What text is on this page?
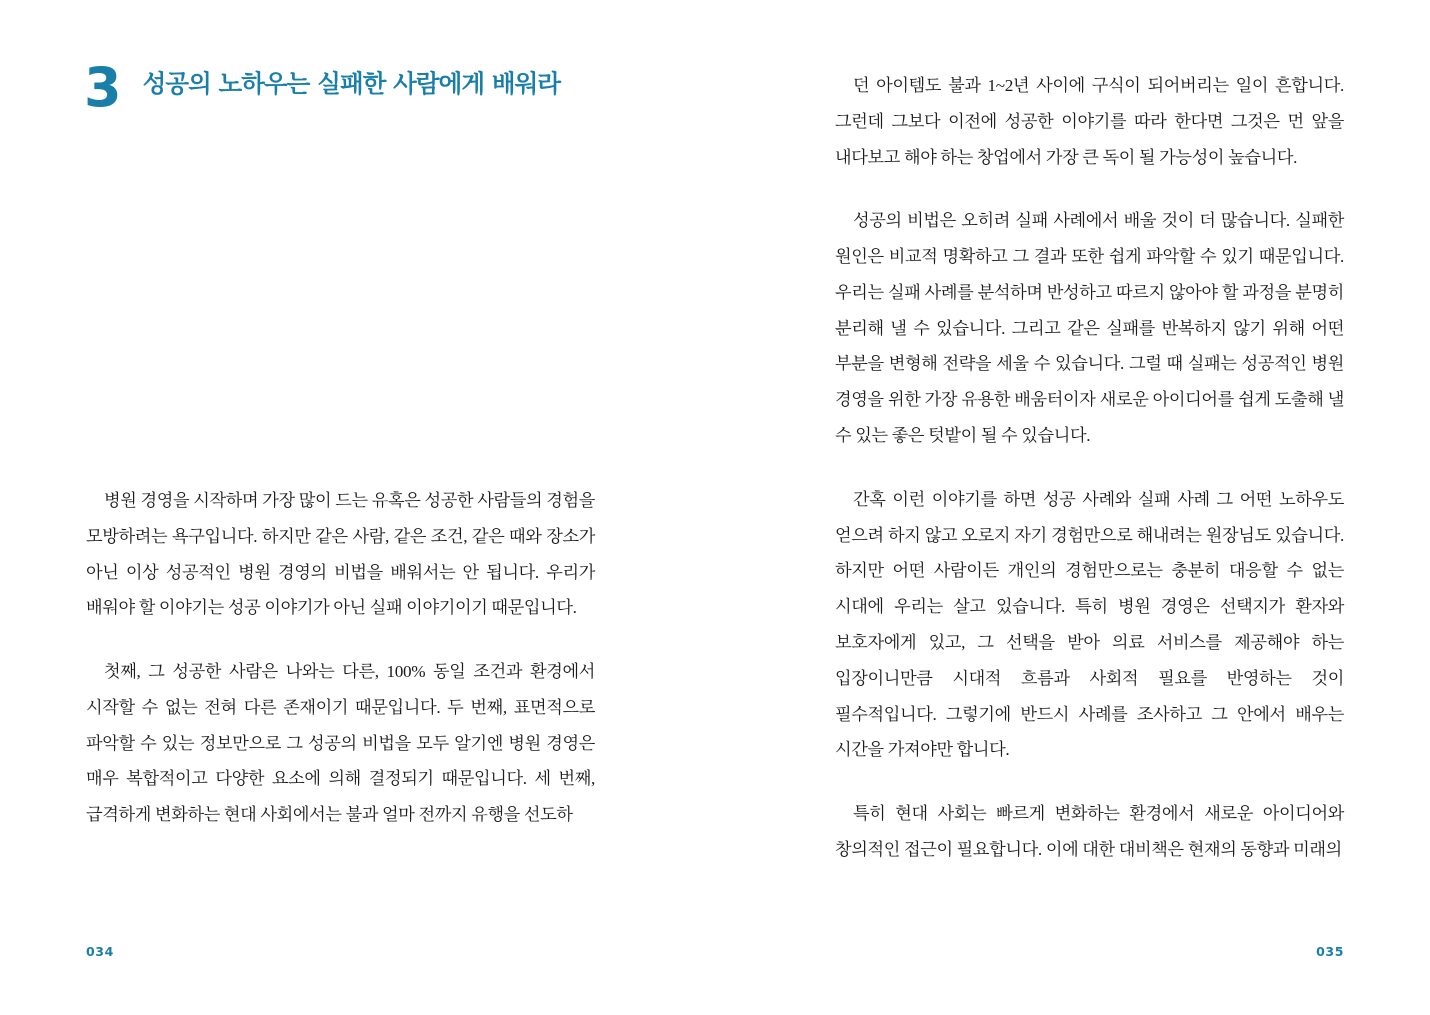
3 성공의 노하우는 실패한 사람에게 배워라

병원 경영을 시작하며 가장 많이 드는 유혹은 성공한 사람들의 경험을 모방하려는 욕구입니다. 하지만 같은 사람, 같은 조건, 같은 때와 장소가 아닌 이상 성공적인 병원 경영의 비법을 배워서는 안 됩니다. 우리가 배워야 할 이야기는 성공 이야기가 아닌 실패 이야기이기 때문입니다.

첫째, 그 성공한 사람은 나와는 다른, 100% 동일 조건과 환경에서 시작할 수 없는 전혀 다른 존재이기 때문입니다. 두 번째, 표면적으로 파악할 수 있는 정보만으로 그 성공의 비법을 모두 알기엔 병원 경영은 매우 복합적이고 다양한 요소에 의해 결정되기 때문입니다. 세 번째, 급격하게 변화하는 현대 사회에서는 불과 얼마 전까지 유행을 선도하

034

던 아이템도 불과 1~2년 사이에 구식이 되어버리는 일이 흔합니다. 그런데 그보다 이전에 성공한 이야기를 따라 한다면 그것은 먼 앞을 내다보고 해야 하는 창업에서 가장 큰 독이 될 가능성이 높습니다.

성공의 비법은 오히려 실패 사례에서 배울 것이 더 많습니다. 실패한 원인은 비교적 명확하고 그 결과 또한 쉽게 파악할 수 있기 때문입니다. 우리는 실패 사례를 분석하며 반성하고 따르지 않아야 할 과정을 분명히 분리해 낼 수 있습니다. 그리고 같은 실패를 반복하지 않기 위해 어떤 부분을 변형해 전략을 세울 수 있습니다. 그럴 때 실패는 성공적인 병원 경영을 위한 가장 유용한 배움터이자 새로운 아이디어를 쉽게 도출해 낼 수 있는 좋은 텃밭이 될 수 있습니다.

간혹 이런 이야기를 하면 성공 사례와 실패 사례 그 어떤 노하우도 얻으려 하지 않고 오로지 자기 경험만으로 해내려는 원장님도 있습니다. 하지만 어떤 사람이든 개인의 경험만으로는 충분히 대응할 수 없는 시대에 우리는 살고 있습니다. 특히 병원 경영은 선택지가 환자와 보호자에게 있고, 그 선택을 받아 의료 서비스를 제공해야 하는 입장이니만큼 시대적 흐름과 사회적 필요를 반영하는 것이 필수적입니다. 그렇기에 반드시 사례를 조사하고 그 안에서 배우는 시간을 가져야만 합니다.

특히 현대 사회는 빠르게 변화하는 환경에서 새로운 아이디어와 창의적인 접근이 필요합니다. 이에 대한 대비책은 현재의 동향과 미래의

035
